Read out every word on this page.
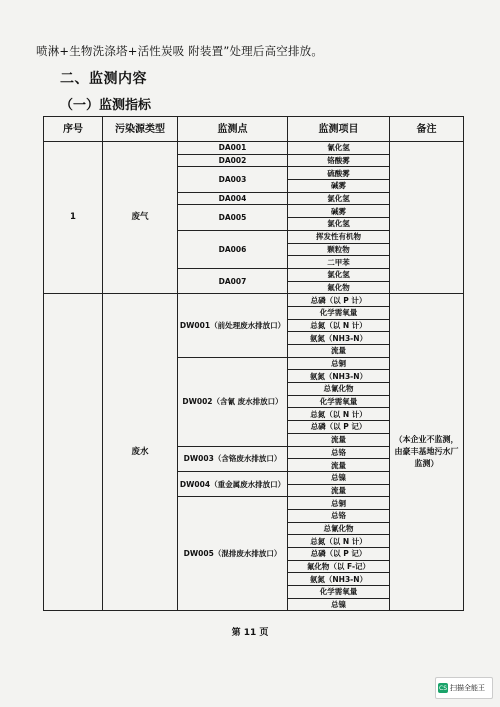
喷淋+生物洗涤塔+活性炭吸 附装置”处理后高空排放。
二、监测内容
（一）监测指标
序号	污染源类型	监测点	监测项目	备注
1	废气	DA001	氰化氢	
		DA002	铬酸雾	
		DA003	硫酸雾	
			碱雾	
		DA004	氯化氢	
		DA005	碱雾	
			氯化氢	
		DA006	挥发性有机物	
			颗粒物	
			二甲苯	
		DA007	氯化氢	
			氟化物	
	废水	DW001（前处理废水排放口）	总磷（以 P 计）	（本企业不监测，由豪丰基地污水厂监测）
			化学需氧量	
			总氮（以 N 计）	
			氨氮（NH3-N）	
			流量	
		DW002（含氰 废水排放口）	总铜	
			氨氮（NH3-N）	
			总氰化物	
			化学需氧量	
			总氮（以 N 计）	
			总磷（以 P 记）	
			流量	
		DW003（含铬废水排放口）	总铬	
			流量	
		DW004（重金属废水排放口）	总镍	
			流量	
		DW005（混排废水排放口）	总铜	
			总铬	
			总氰化物	
			总氮（以 N 计）	
			总磷（以 P 记）	
			氟化物（以 F-记）	
			氨氮（NH3-N）	
			化学需氧量	
			总镍	
第 11 页
CS 扫描全能王
